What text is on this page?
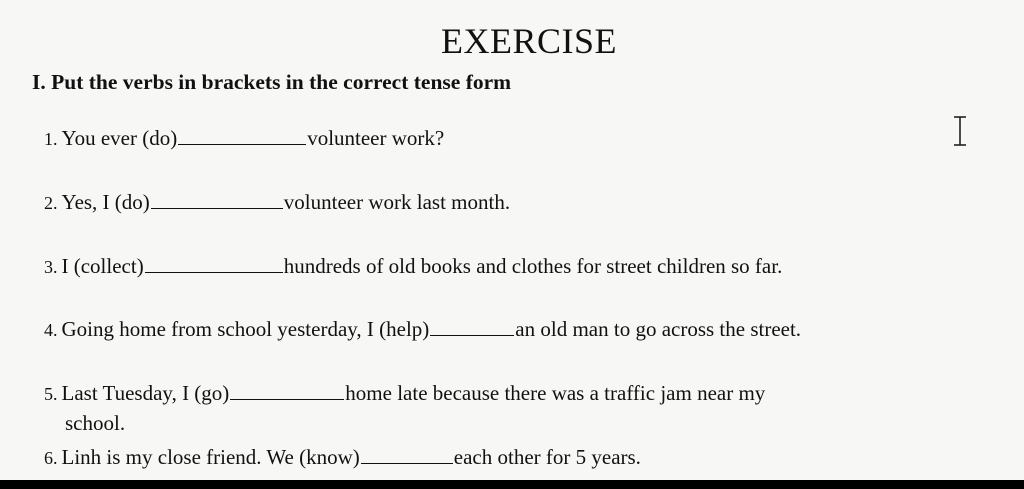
EXERCISE
I. Put the verbs in brackets in the correct tense form
1. You ever (do)	volunteer work?
2. Yes, I (do)	volunteer work last month.
3. I (collect)	hundreds of old books and clothes for street children so far.
4. Going home from school yesterday, I (help)	an old man to go across the street.
5. Last Tuesday, I (go)	home late because there was a traffic jam near my
school.
6. Linh is my close friend. We (know)	each other for 5 years.
